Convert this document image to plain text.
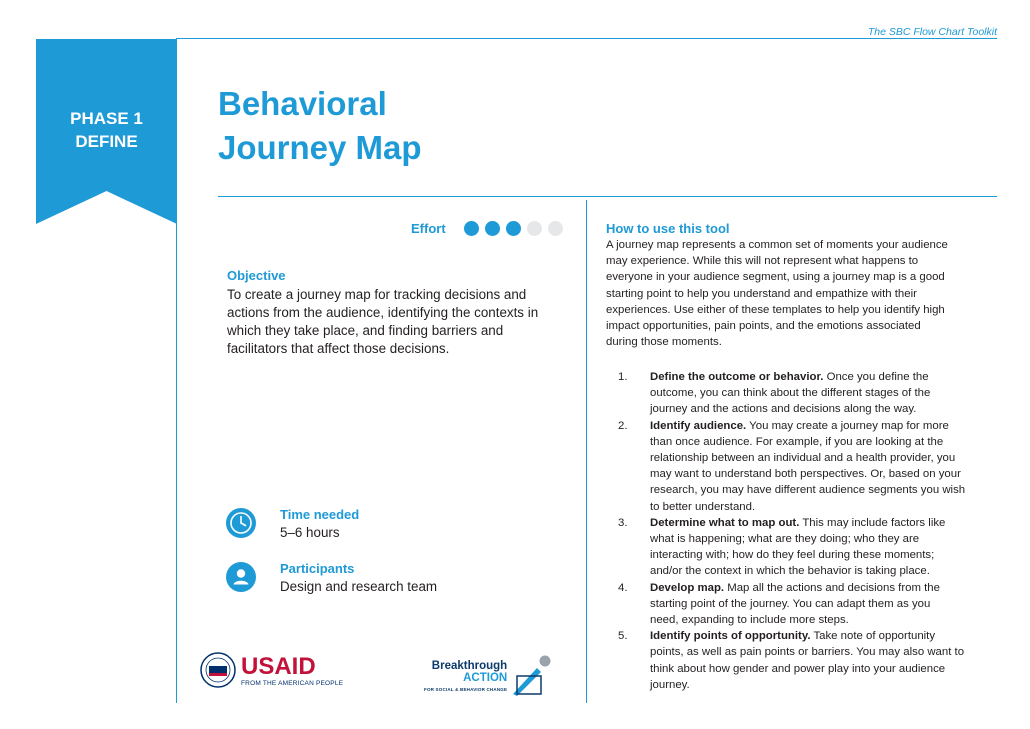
The SBC Flow Chart Toolkit
PHASE 1
DEFINE
Behavioral
Journey Map
Effort
Objective
To create a journey map for tracking decisions and
actions from the audience, identifying the contexts in
which they take place, and finding barriers and
facilitators that affect those decisions.
Time needed
5–6 hours
Participants
Design and research team
USAID
FROM THE AMERICAN PEOPLE
Breakthrough
ACTION
FOR SOCIAL & BEHAVIOR CHANGE
How to use this tool
A journey map represents a common set of moments your audience
may experience. While this will not represent what happens to
everyone in your audience segment, using a journey map is a good
starting point to help you understand and empathize with their
experiences. Use either of these templates to help you identify high
impact opportunities, pain points, and the emotions associated
during those moments.
1.	Define the outcome or behavior. Once you define the
outcome, you can think about the different stages of the
journey and the actions and decisions along the way.
2.	Identify audience. You may create a journey map for more
than once audience. For example, if you are looking at the
relationship between an individual and a health provider, you
may want to understand both perspectives. Or, based on your
research, you may have different audience segments you wish
to better understand.
3.	Determine what to map out. This may include factors like
what is happening; what are they doing; who they are
interacting with; how do they feel during these moments;
and/or the context in which the behavior is taking place.
4.	Develop map. Map all the actions and decisions from the
starting point of the journey. You can adapt them as you
need, expanding to include more steps.
5.	Identify points of opportunity. Take note of opportunity
points, as well as pain points or barriers. You may also want to
think about how gender and power play into your audience
journey.
